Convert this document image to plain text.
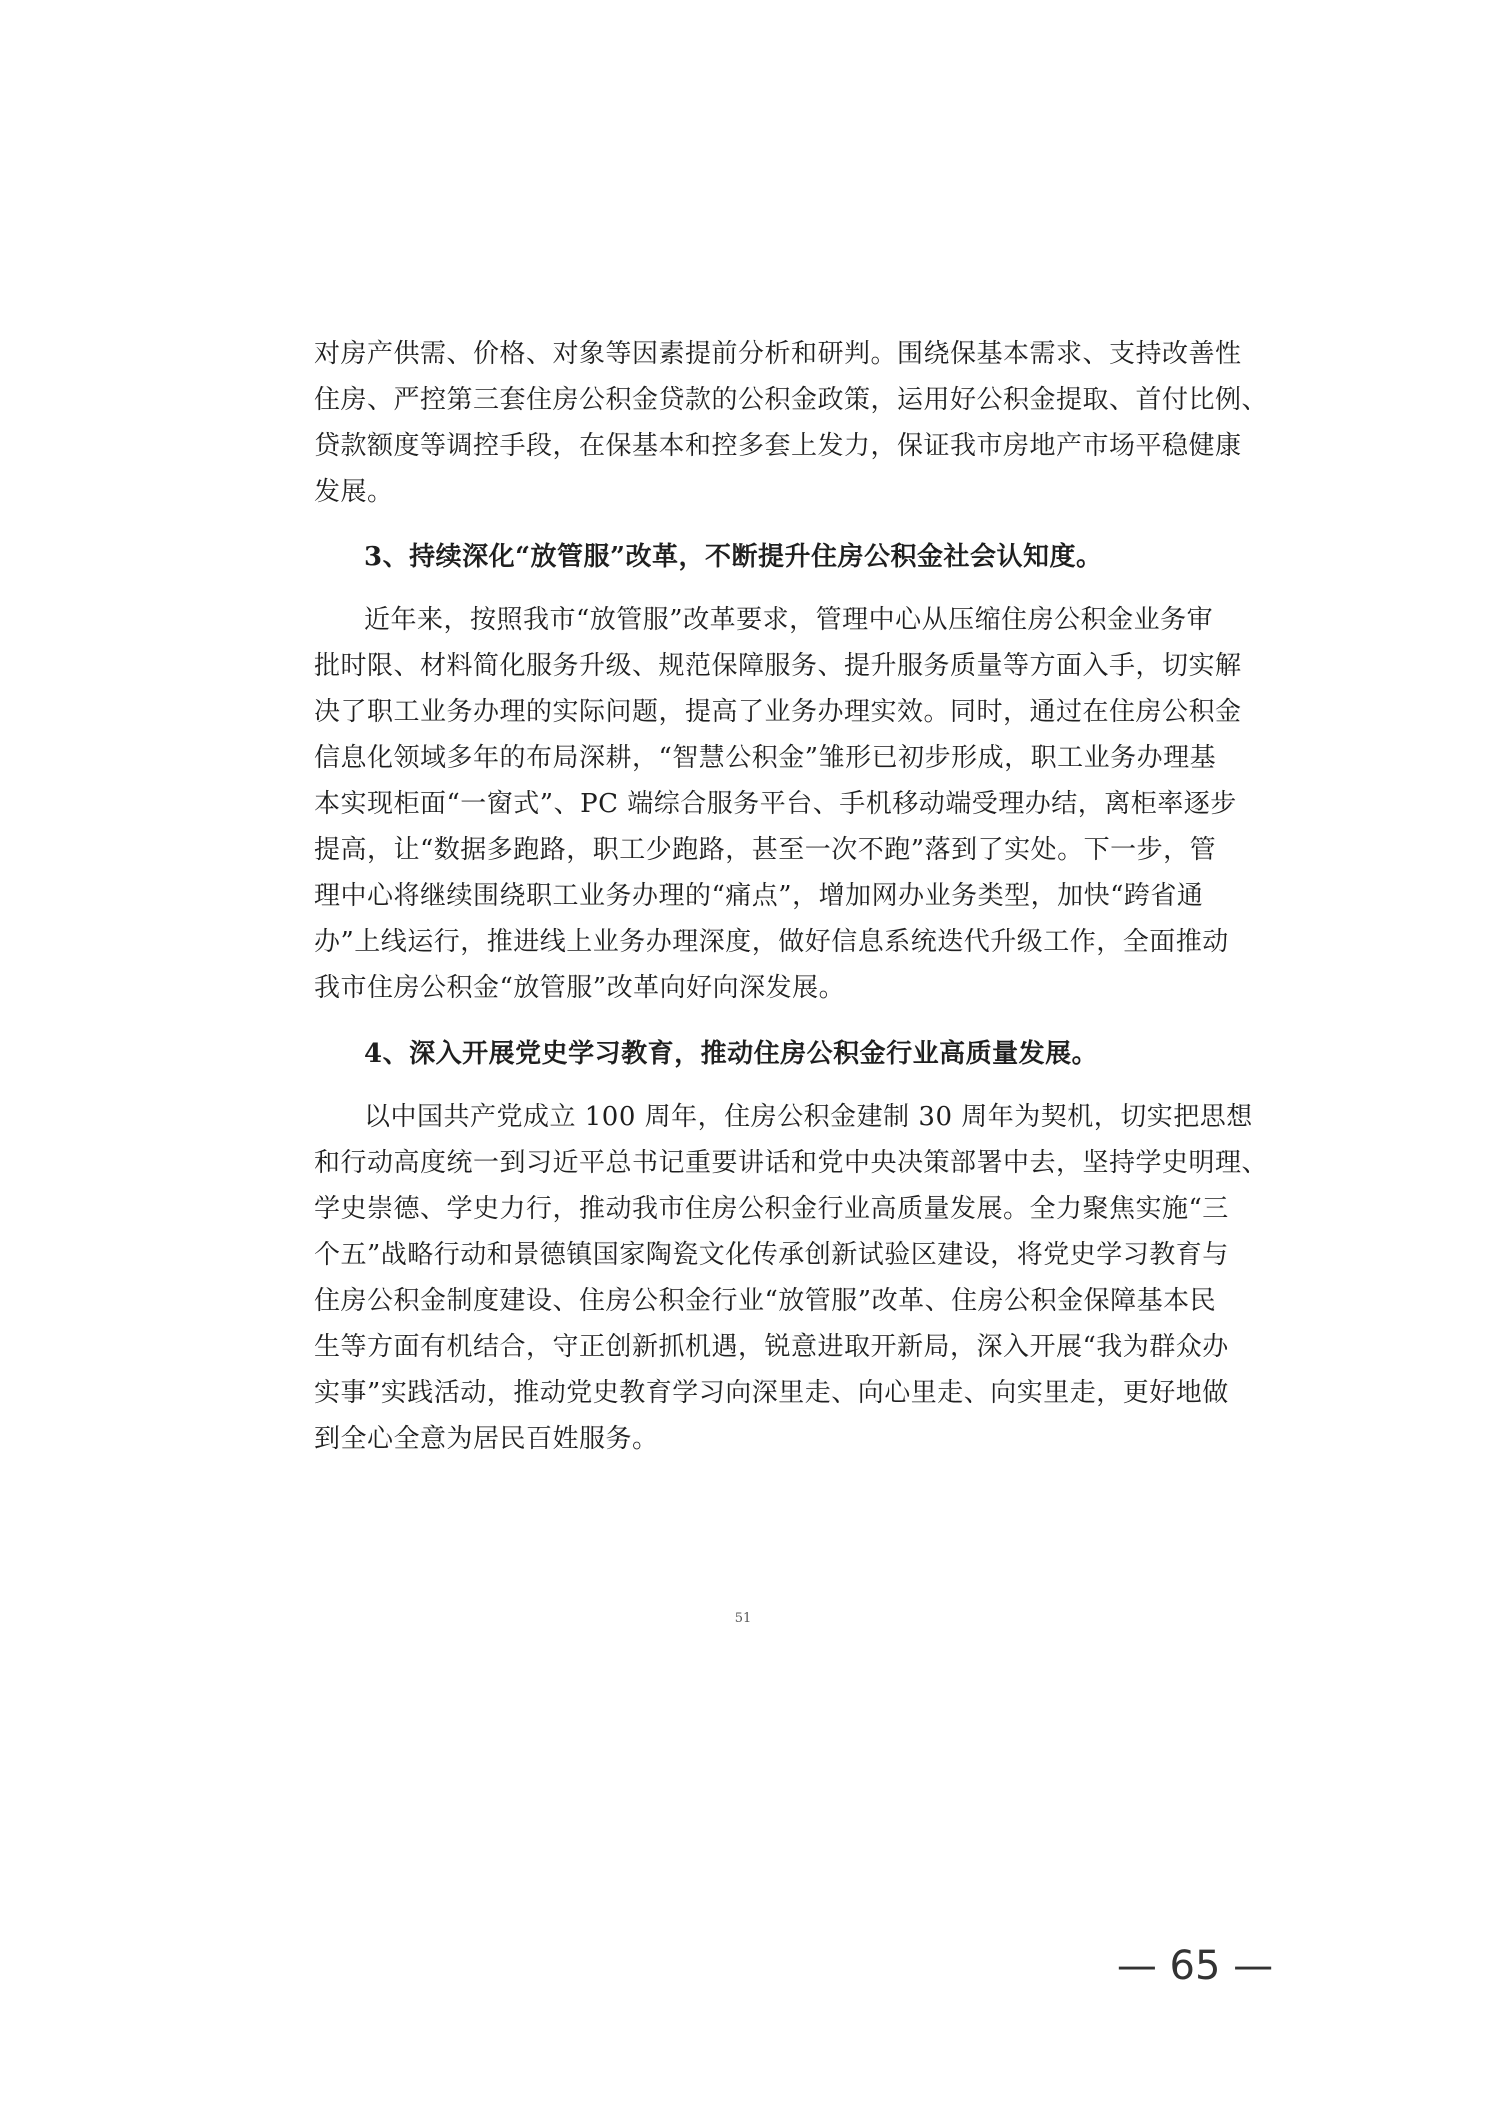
对房产供需、价格、对象等因素提前分析和研判。围绕保基本需求、支持改善性

住房、严控第三套住房公积金贷款的公积金政策，运用好公积金提取、首付比例、

贷款额度等调控手段，在保基本和控多套上发力，保证我市房地产市场平稳健康

发展。

3、持续深化“放管服”改革，不断提升住房公积金社会认知度。

近年来，按照我市“放管服”改革要求，管理中心从压缩住房公积金业务审

批时限、材料简化服务升级、规范保障服务、提升服务质量等方面入手，切实解

决了职工业务办理的实际问题，提高了业务办理实效。同时，通过在住房公积金

信息化领域多年的布局深耕，“智慧公积金”雏形已初步形成，职工业务办理基

本实现柜面“一窗式”、PC 端综合服务平台、手机移动端受理办结，离柜率逐步

提高，让“数据多跑路，职工少跑路，甚至一次不跑”落到了实处。下一步，管

理中心将继续围绕职工业务办理的“痛点”，增加网办业务类型，加快“跨省通

办”上线运行，推进线上业务办理深度，做好信息系统迭代升级工作，全面推动

我市住房公积金“放管服”改革向好向深发展。

4、深入开展党史学习教育，推动住房公积金行业高质量发展。

以中国共产党成立 100 周年，住房公积金建制 30 周年为契机，切实把思想

和行动高度统一到习近平总书记重要讲话和党中央决策部署中去，坚持学史明理、

学史崇德、学史力行，推动我市住房公积金行业高质量发展。全力聚焦实施“三

个五”战略行动和景德镇国家陶瓷文化传承创新试验区建设，将党史学习教育与

住房公积金制度建设、住房公积金行业“放管服”改革、住房公积金保障基本民

生等方面有机结合，守正创新抓机遇，锐意进取开新局，深入开展“我为群众办

实事”实践活动，推动党史教育学习向深里走、向心里走、向实里走，更好地做

到全心全意为居民百姓服务。

51
— 65 —
